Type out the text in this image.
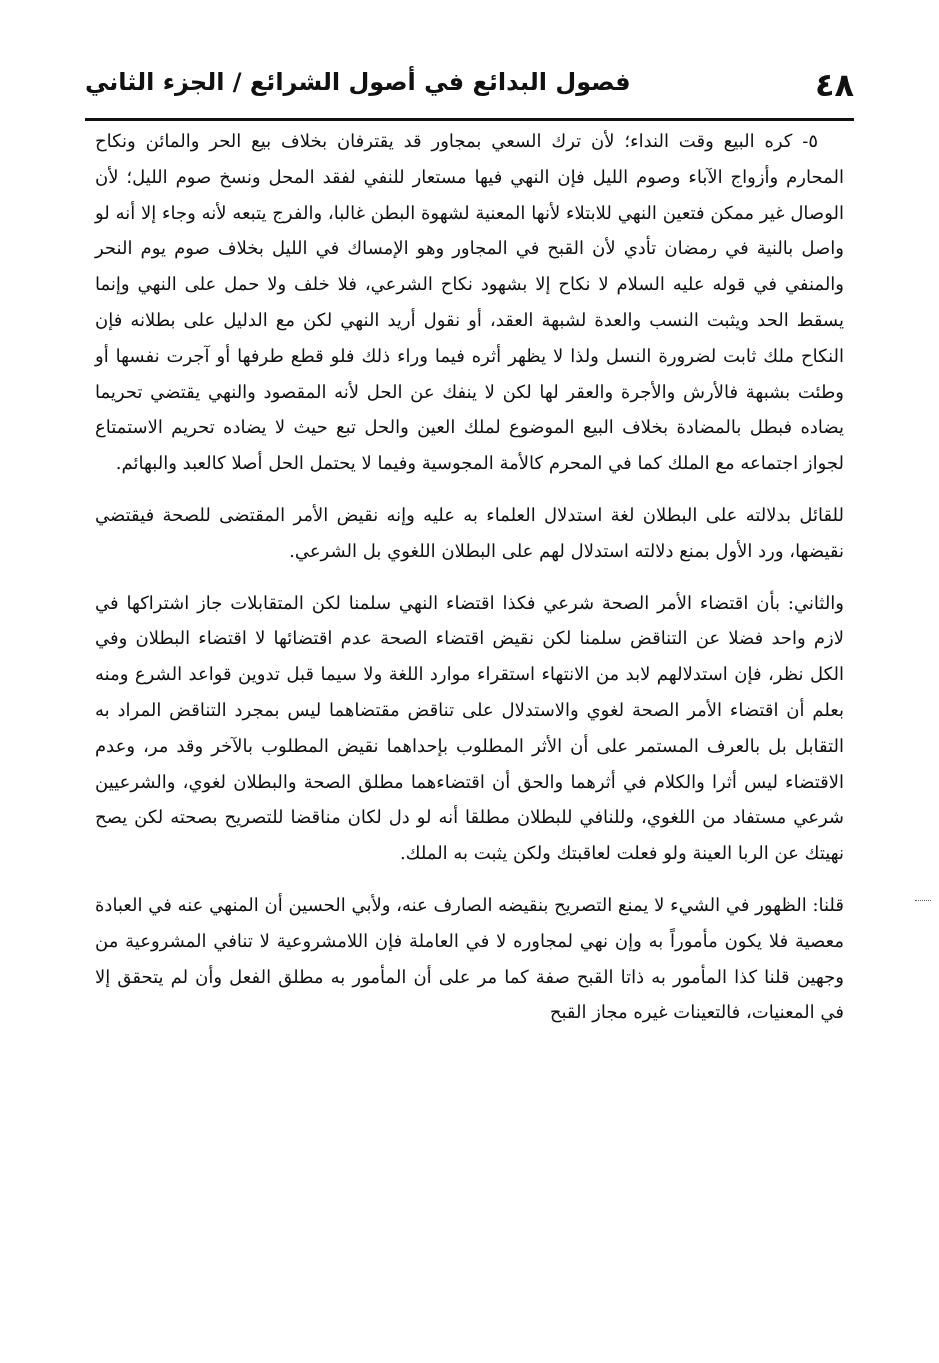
٤٨
فصول البدائع في أصول الشرائع / الجزء الثاني

٥- كره البيع وقت النداء؛ لأن ترك السعي بمجاور قد يقترفان بخلاف بيع الحر والمائن ونكاح المحارم وأزواج الآباء وصوم الليل فإن النهي فيها مستعار للنفي لفقد المحل ونسخ صوم الليل؛ لأن الوصال غير ممكن فتعين النهي للابتلاء لأنها المعنية لشهوة البطن غالبا، والفرج يتبعه لأنه وجاء إلا أنه لو واصل بالنية في رمضان تأدي لأن القبح في المجاور وهو الإمساك في الليل بخلاف صوم يوم النحر والمنفي في قوله عليه السلام لا نكاح إلا بشهود نكاح الشرعي، فلا خلف ولا حمل على النهي وإنما يسقط الحد ويثبت النسب والعدة لشبهة العقد، أو نقول أريد النهي لكن مع الدليل على بطلانه فإن النكاح ملك ثابت لضرورة النسل ولذا لا يظهر أثره فيما وراء ذلك فلو قطع طرفها أو آجرت نفسها أو وطئت بشبهة فالأرش والأجرة والعقر لها لكن لا ينفك عن الحل لأنه المقصود والنهي يقتضي تحريما يضاده فبطل بالمضادة بخلاف البيع الموضوع لملك العين والحل تبع حيث لا يضاده تحريم الاستمتاع لجواز اجتماعه مع الملك كما في المحرم كالأمة المجوسية وفيما لا يحتمل الحل أصلا كالعبد والبهائم.

للقائل بدلالته على البطلان لغة استدلال العلماء به عليه وإنه نقيض الأمر المقتضى للصحة فيقتضي نقيضها، ورد الأول بمنع دلالته استدلال لهم على البطلان اللغوي بل الشرعي.

والثاني: بأن اقتضاء الأمر الصحة شرعي فكذا اقتضاء النهي سلمنا لكن المتقابلات جاز اشتراكها في لازم واحد فضلا عن التناقض سلمنا لكن نقيض اقتضاء الصحة عدم اقتضائها لا اقتضاء البطلان وفي الكل نظر، فإن استدلالهم لابد من الانتهاء استقراء موارد اللغة ولا سيما قبل تدوين قواعد الشرع ومنه بعلم أن اقتضاء الأمر الصحة لغوي والاستدلال على تناقض مقتضاهما ليس بمجرد التناقض المراد به التقابل بل بالعرف المستمر على أن الأثر المطلوب بإحداهما نقيض المطلوب بالآخر وقد مر، وعدم الاقتضاء ليس أثرا والكلام في أثرهما والحق أن اقتضاءهما مطلق الصحة والبطلان لغوي، والشرعيين شرعي مستفاد من اللغوي، وللنافي للبطلان مطلقا أنه لو دل لكان مناقضا للتصريح بصحته لكن يصح نهيتك عن الربا العينة ولو فعلت لعاقبتك ولكن يثبت به الملك.

قلنا: الظهور في الشيء لا يمنع التصريح بنقيضه الصارف عنه، ولأبي الحسين أن المنهي عنه في العبادة معصية فلا يكون مأموراً به وإن نهي لمجاوره لا في العاملة فإن اللامشروعية لا تنافي المشروعية من وجهين قلنا كذا المأمور به ذاتا القبح صفة كما مر على أن المأمور به مطلق الفعل وأن لم يتحقق إلا في المعنيات، فالتعينات غيره مجاز القبح
